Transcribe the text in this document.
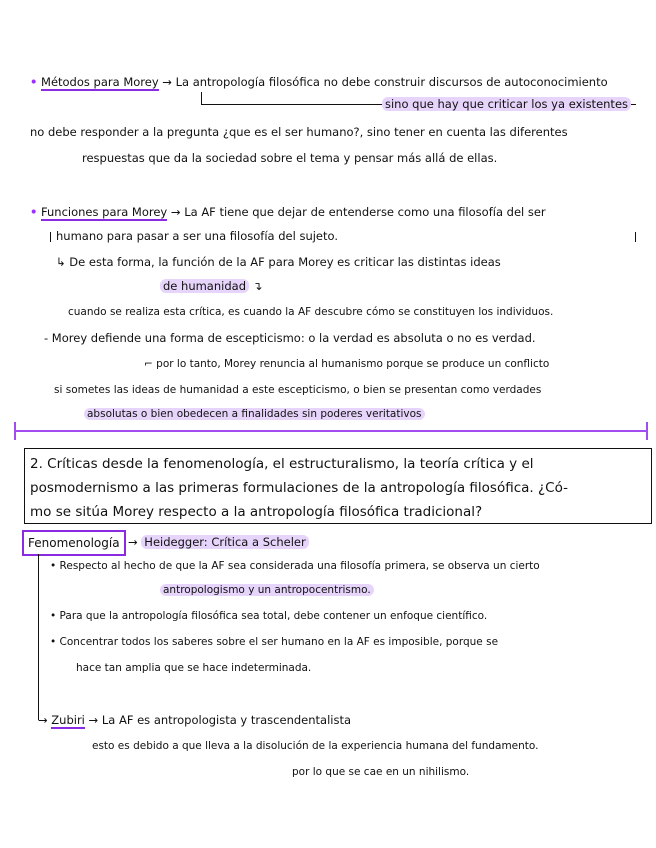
• Métodos para Morey → La antropología filosófica no debe construir discursos de autoconocimiento
sino que hay que criticar los ya existentes
no debe responder a la pregunta ¿que es el ser humano?, sino tener en cuenta las diferentes
respuestas que da la sociedad sobre el tema y pensar más allá de ellas.
• Funciones para Morey → La AF tiene que dejar de entenderse como una filosofía del ser
humano para pasar a ser una filosofía del sujeto.
↳ De esta forma, la función de la AF para Morey es criticar las distintas ideas
de humanidad ↴
cuando se realiza esta crítica, es cuando la AF descubre cómo se constituyen los individuos.
- Morey defiende una forma de escepticismo: o la verdad es absoluta o no es verdad.
⌐ por lo tanto, Morey renuncia al humanismo porque se produce un conflicto
si sometes las ideas de humanidad a este escepticismo, o bien se presentan como verdades
absolutas o bien obedecen a finalidades sin poderes veritativos
2. Críticas desde la fenomenología, el estructuralismo, la teoría crítica y el
posmodernismo a las primeras formulaciones de la antropología filosófica. ¿Có-
mo se sitúa Morey respecto a la antropología filosófica tradicional?
Fenomenología → Heidegger: Crítica a Scheler
• Respecto al hecho de que la AF sea considerada una filosofía primera, se observa un cierto
antropologismo y un antropocentrismo.
• Para que la antropología filosófica sea total, debe contener un enfoque científico.
• Concentrar todos los saberes sobre el ser humano en la AF es imposible, porque se
hace tan amplia que se hace indeterminada.
→ Zubiri → La AF es antropologista y trascendentalista
esto es debido a que lleva a la disolución de la experiencia humana del fundamento.
por lo que se cae en un nihilismo.
